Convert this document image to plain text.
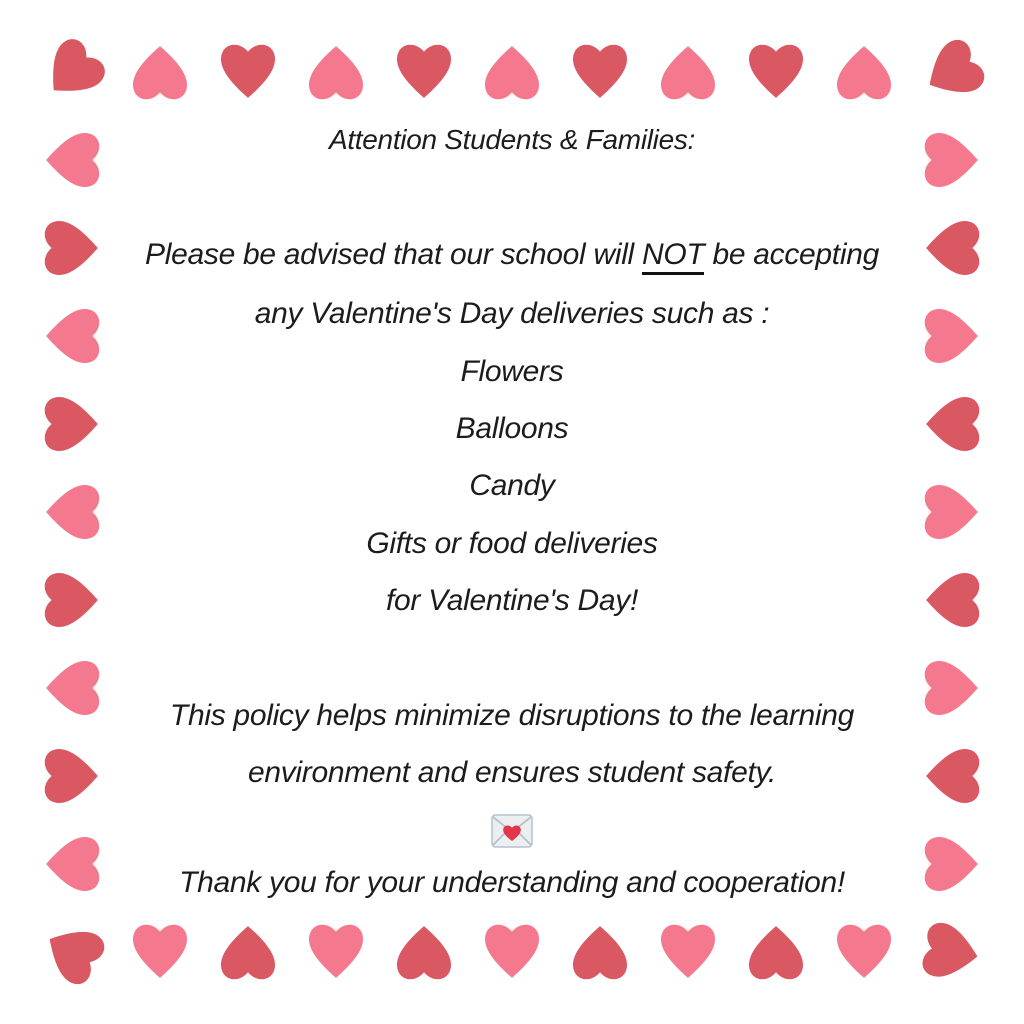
Attention Students & Families:
Please be advised that our school will NOT be accepting
any Valentine's Day deliveries such as :
Flowers
Balloons
Candy
Gifts or food deliveries
for Valentine's Day!
This policy helps minimize disruptions to the learning
environment and ensures student safety.
Thank you for your understanding and cooperation!
